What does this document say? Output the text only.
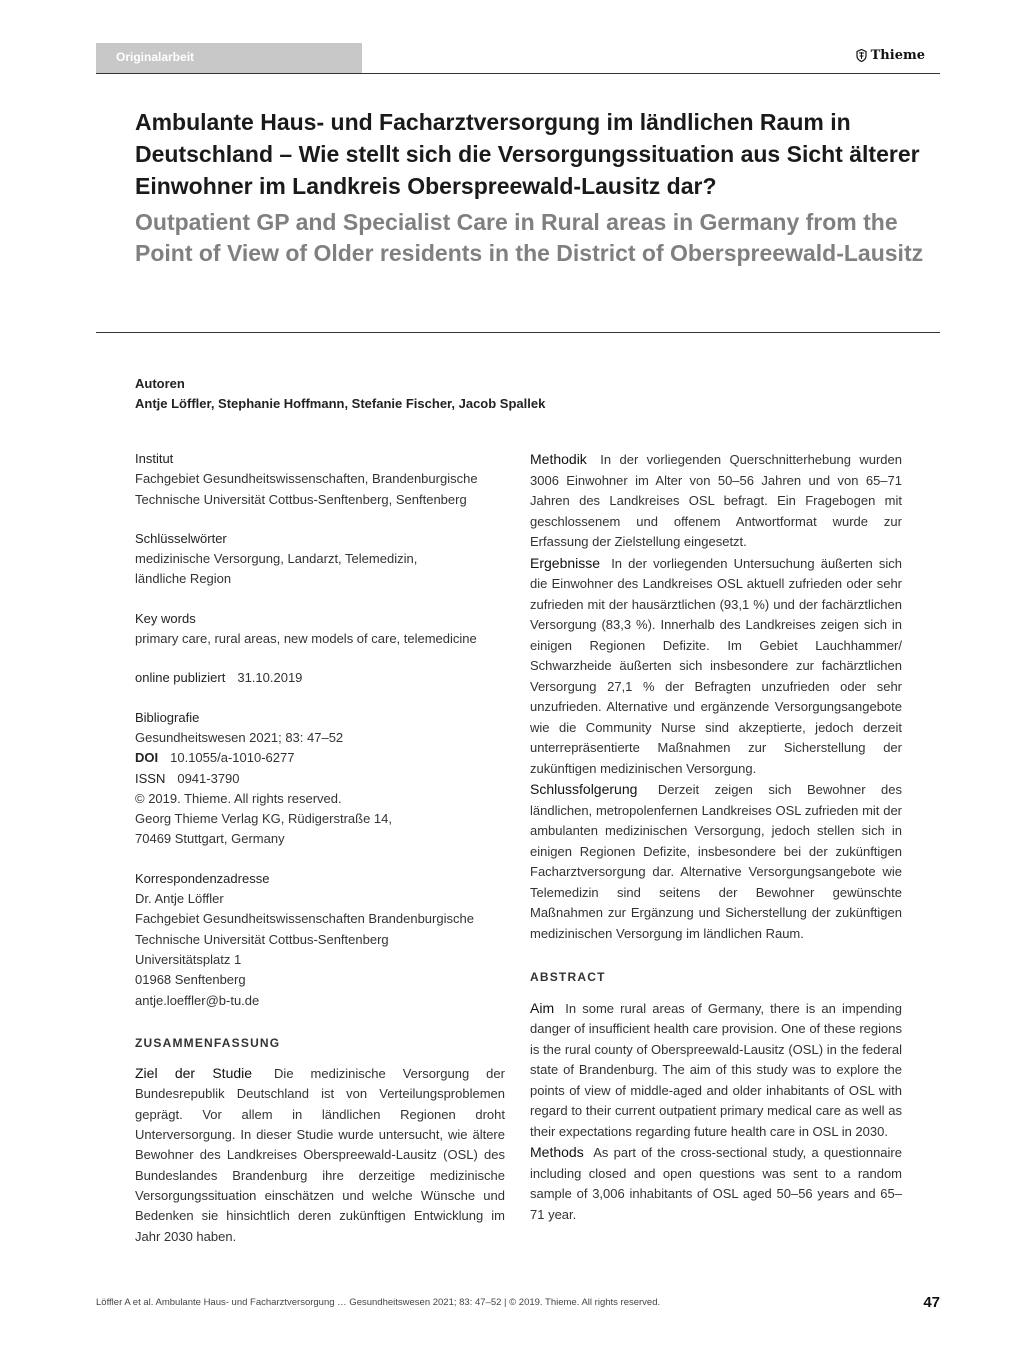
Originalarbeit	Thieme
Ambulante Haus- und Facharztversorgung im ländlichen Raum in Deutschland – Wie stellt sich die Versorgungssituation aus Sicht älterer Einwohner im Landkreis Oberspreewald-Lausitz dar?
Outpatient GP and Specialist Care in Rural areas in Germany from the Point of View of Older residents in the District of Oberspreewald-Lausitz
Autoren
Antje Löffler, Stephanie Hoffmann, Stefanie Fischer, Jacob Spallek
Institut
Fachgebiet Gesundheitswissenschaften, Brandenburgische Technische Universität Cottbus-Senftenberg, Senftenberg
Schlüsselwörter
medizinische Versorgung, Landarzt, Telemedizin,
ländliche Region
Key words
primary care, rural areas, new models of care, telemedicine
online publiziert 31.10.2019
Bibliografie
Gesundheitswesen 2021; 83: 47–52
DOI 10.1055/a-1010-6277
ISSN 0941-3790
© 2019. Thieme. All rights reserved.
Georg Thieme Verlag KG, Rüdigerstraße 14,
70469 Stuttgart, Germany
Korrespondenzadresse
Dr. Antje Löffler
Fachgebiet Gesundheitswissenschaften Brandenburgische
Technische Universität Cottbus-Senftenberg
Universitätsplatz 1
01968 Senftenberg
antje.loeffler@b-tu.de
ZUSAMMENFASSUNG

Ziel der Studie Die medizinische Versorgung der Bundesrepublik Deutschland ist von Verteilungsproblemen geprägt. Vor allem in ländlichen Regionen droht Unterversorgung. In dieser Studie wurde untersucht, wie ältere Bewohner des Landkreises Oberspreewald-Lausitz (OSL) des Bundeslandes Brandenburg ihre derzeitige medizinische Versorgungssituation einschätzen und welche Wünsche und Bedenken sie hinsichtlich deren zukünftigen Entwicklung im Jahr 2030 haben.

Methodik In der vorliegenden Querschnitterhebung wurden 3006 Einwohner im Alter von 50–56 Jahren und von 65–71 Jahren des Landkreises OSL befragt. Ein Fragebogen mit geschlossenem und offenem Antwortformat wurde zur Erfassung der Zielstellung eingesetzt.

Ergebnisse In der vorliegenden Untersuchung äußerten sich die Einwohner des Landkreises OSL aktuell zufrieden oder sehr zufrieden mit der hausärztlichen (93,1 %) und der fachärztlichen Versorgung (83,3 %). Innerhalb des Landkreises zeigen sich in einigen Regionen Defizite. Im Gebiet Lauchhammer/ Schwarzheide äußerten sich insbesondere zur fachärztlichen Versorgung 27,1 % der Befragten unzufrieden oder sehr unzufrieden. Alternative und ergänzende Versorgungsangebote wie die Community Nurse sind akzeptierte, jedoch derzeit unterrepräsentierte Maßnahmen zur Sicherstellung der zukünftigen medizinischen Versorgung.

Schlussfolgerung Derzeit zeigen sich Bewohner des ländlichen, metropolenfernen Landkreises OSL zufrieden mit der ambulanten medizinischen Versorgung, jedoch stellen sich in einigen Regionen Defizite, insbesondere bei der zukünftigen Facharztversorgung dar. Alternative Versorgungsangebote wie Telemedizin sind seitens der Bewohner gewünschte Maßnahmen zur Ergänzung und Sicherstellung der zukünftigen medizinischen Versorgung im ländlichen Raum.

ABSTRACT

Aim In some rural areas of Germany, there is an impending danger of insufficient health care provision. One of these regions is the rural county of Oberspreewald-Lausitz (OSL) in the federal state of Brandenburg. The aim of this study was to explore the points of view of middle-aged and older inhabitants of OSL with regard to their current outpatient primary medical care as well as their expectations regarding future health care in OSL in 2030.

Methods As part of the cross-sectional study, a questionnaire including closed and open questions was sent to a random sample of 3,006 inhabitants of OSL aged 50–56 years and 65–71 year.

Löffler A et al. Ambulante Haus- und Facharztversorgung … Gesundheitswesen 2021; 83: 47–52 | © 2019. Thieme. All rights reserved.	47
